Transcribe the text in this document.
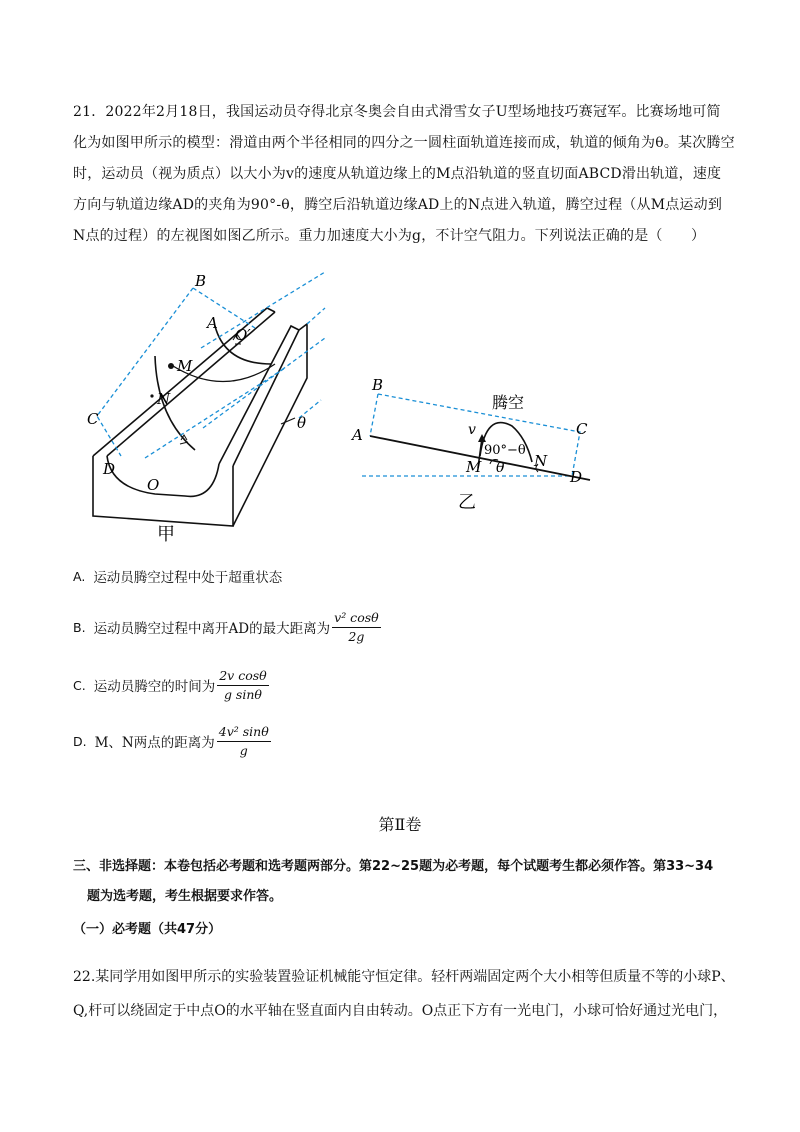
21．2022年2月18日，我国运动员夺得北京冬奥会自由式滑雪女子U型场地技巧赛冠军。比赛场地可简
化为如图甲所示的模型：滑道由两个半径相同的四分之一圆柱面轨道连接而成，轨道的倾角为θ。某次腾空
时，运动员（视为质点）以大小为v的速度从轨道边缘上的M点沿轨道的竖直切面ABCD滑出轨道，速度
方向与轨道边缘AD的夹角为90°-θ，腾空后沿轨道边缘AD上的N点进入轨道，腾空过程（从M点运动到
N点的过程）的左视图如图乙所示。重力加速度大小为g，不计空气阻力。下列说法正确的是（　　）
B
A
O′
M
N
C
D
O
θ
甲
B
A	C
D
腾空
v
90°−θ
M θ N
乙
A. 运动员腾空过程中处于超重状态
B. 运动员腾空过程中离开AD的最大距离为 $\frac{\text{v² cosθ}}{2g}$
C. 运动员腾空的时间为 $\frac{\text{2v cosθ}}{\text{g sinθ}}$
D. M、N两点的距离为 $\frac{\text{4v² sinθ}}{g}$
第Ⅱ卷
三、非选择题：本卷包括必考题和选考题两部分。第22~25题为必考题，每个试题考生都必须作答。第33~34
题为选考题，考生根据要求作答。
（一）必考题（共47分）
22.某同学用如图甲所示的实验装置验证机械能守恒定律。轻杆两端固定两个大小相等但质量不等的小球P、
Q,杆可以绕固定于中点O的水平轴在竖直面内自由转动。O点正下方有一光电门，小球可恰好通过光电门，
